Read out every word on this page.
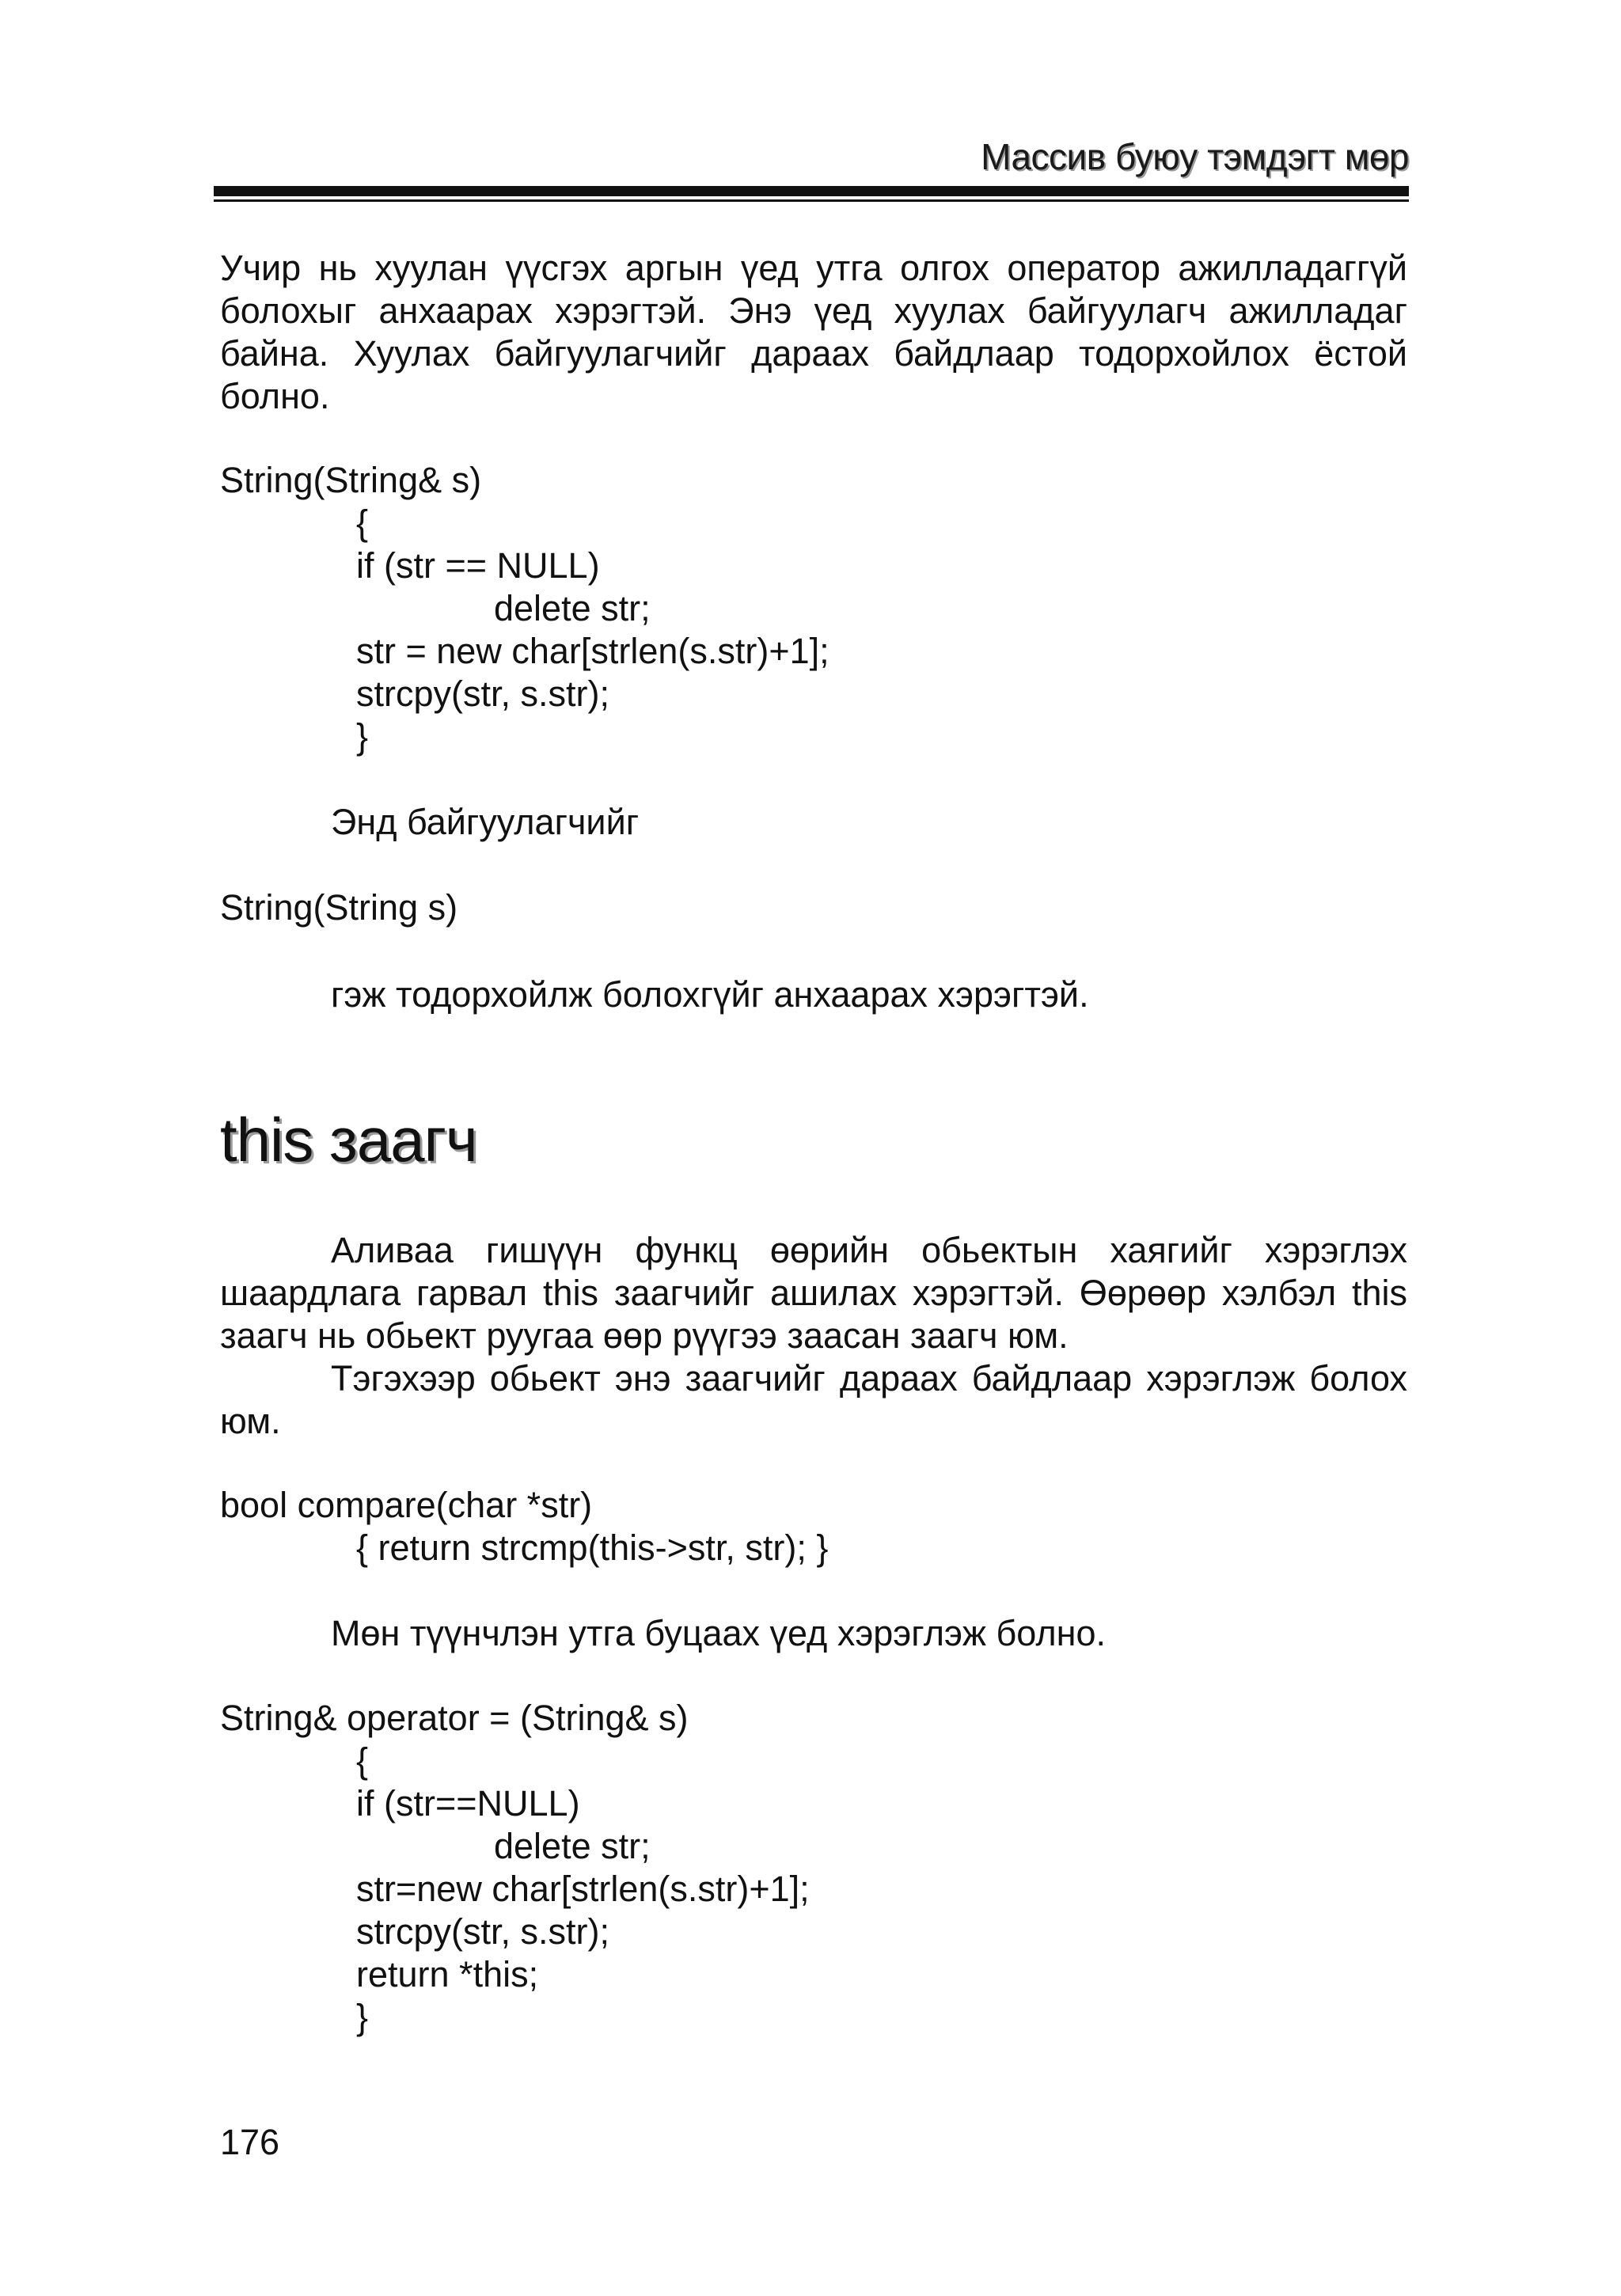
Массив буюу тэмдэгт мөр
Учир нь хуулан үүсгэх аргын үед утга олгох оператор ажилладаггүй болохыг анхаарах хэрэгтэй. Энэ үед хуулах байгуулагч ажилладаг байна. Хуулах байгуулагчийг дараах байдлаар тодорхойлох ёстой болно.
String(String& s)
{
if (str == NULL)
delete str;
str = new char[strlen(s.str)+1];
strcpy(str, s.str);
}
Энд байгуулагчийг
String(String s)
гэж тодорхойлж болохгүйг анхаарах хэрэгтэй.
this заагч
Аливаа гишүүн функц өөрийн обьектын хаягийг хэрэглэх шаардлага гарвал this заагчийг ашилах хэрэгтэй. Өөрөөр хэлбэл this заагч нь обьект руугаа өөр рүүгээ заасан заагч юм.
Тэгэхээр обьект энэ заагчийг дараах байдлаар хэрэглэж болох юм.
bool compare(char *str)
{ return strcmp(this->str, str); }
Мөн түүнчлэн утга буцаах үед хэрэглэж болно.
String& operator = (String& s)
{
if (str==NULL)
delete str;
str=new char[strlen(s.str)+1];
strcpy(str, s.str);
return *this;
}
176
